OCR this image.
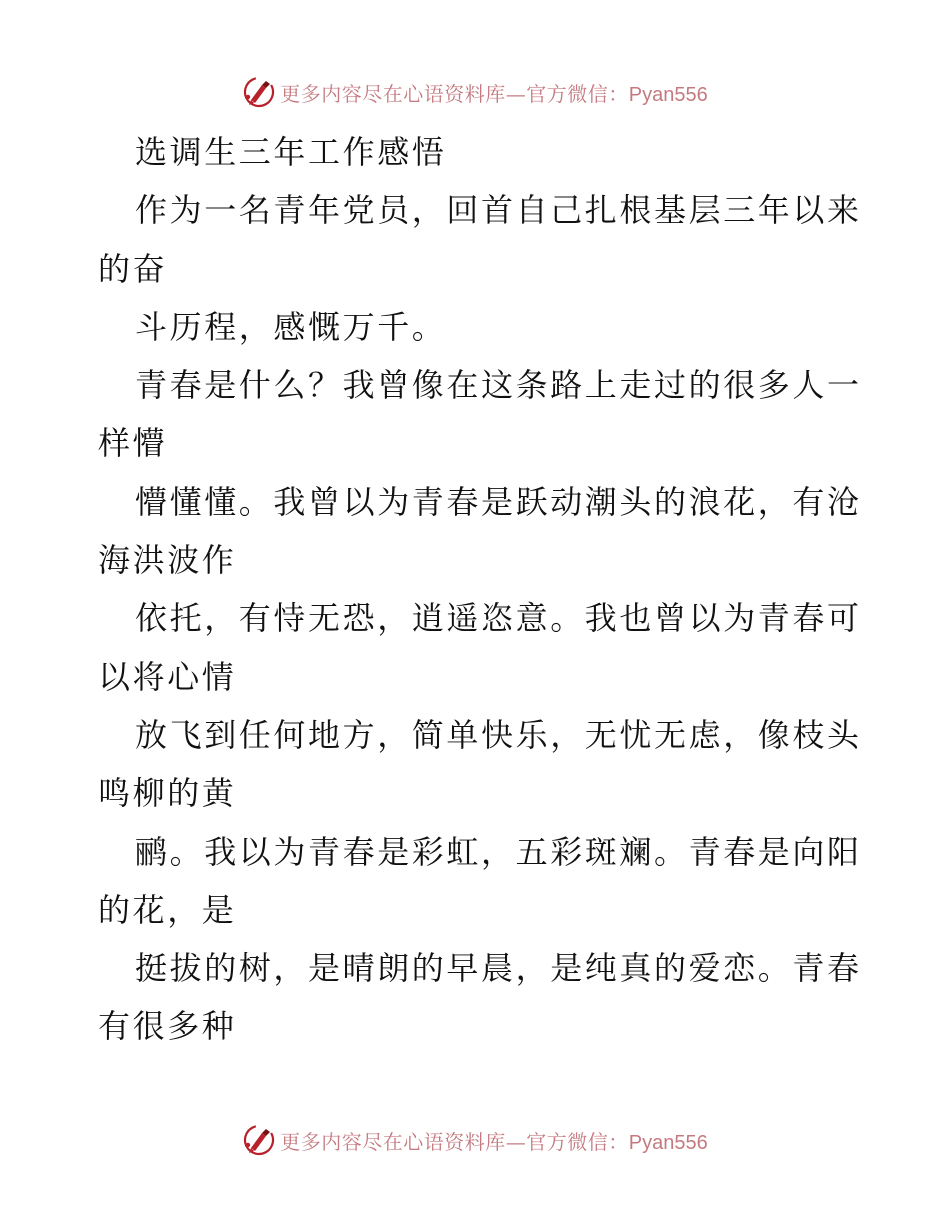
更多内容尽在心语资料库—官方微信：Pyan556
选调生三年工作感悟
作为一名青年党员，回首自己扎根基层三年以来
的奋
斗历程，感慨万千。
青春是什么？我曾像在这条路上走过的很多人一
样懵
懵懂懂。我曾以为青春是跃动潮头的浪花，有沧
海洪波作
依托，有恃无恐，逍遥恣意。我也曾以为青春可
以将心情
放飞到任何地方，简单快乐，无忧无虑，像枝头
鸣柳的黄
鹂。我以为青春是彩虹，五彩斑斓。青春是向阳
的花，是
挺拔的树，是晴朗的早晨，是纯真的爱恋。青春
有很多种
更多内容尽在心语资料库—官方微信：Pyan556
